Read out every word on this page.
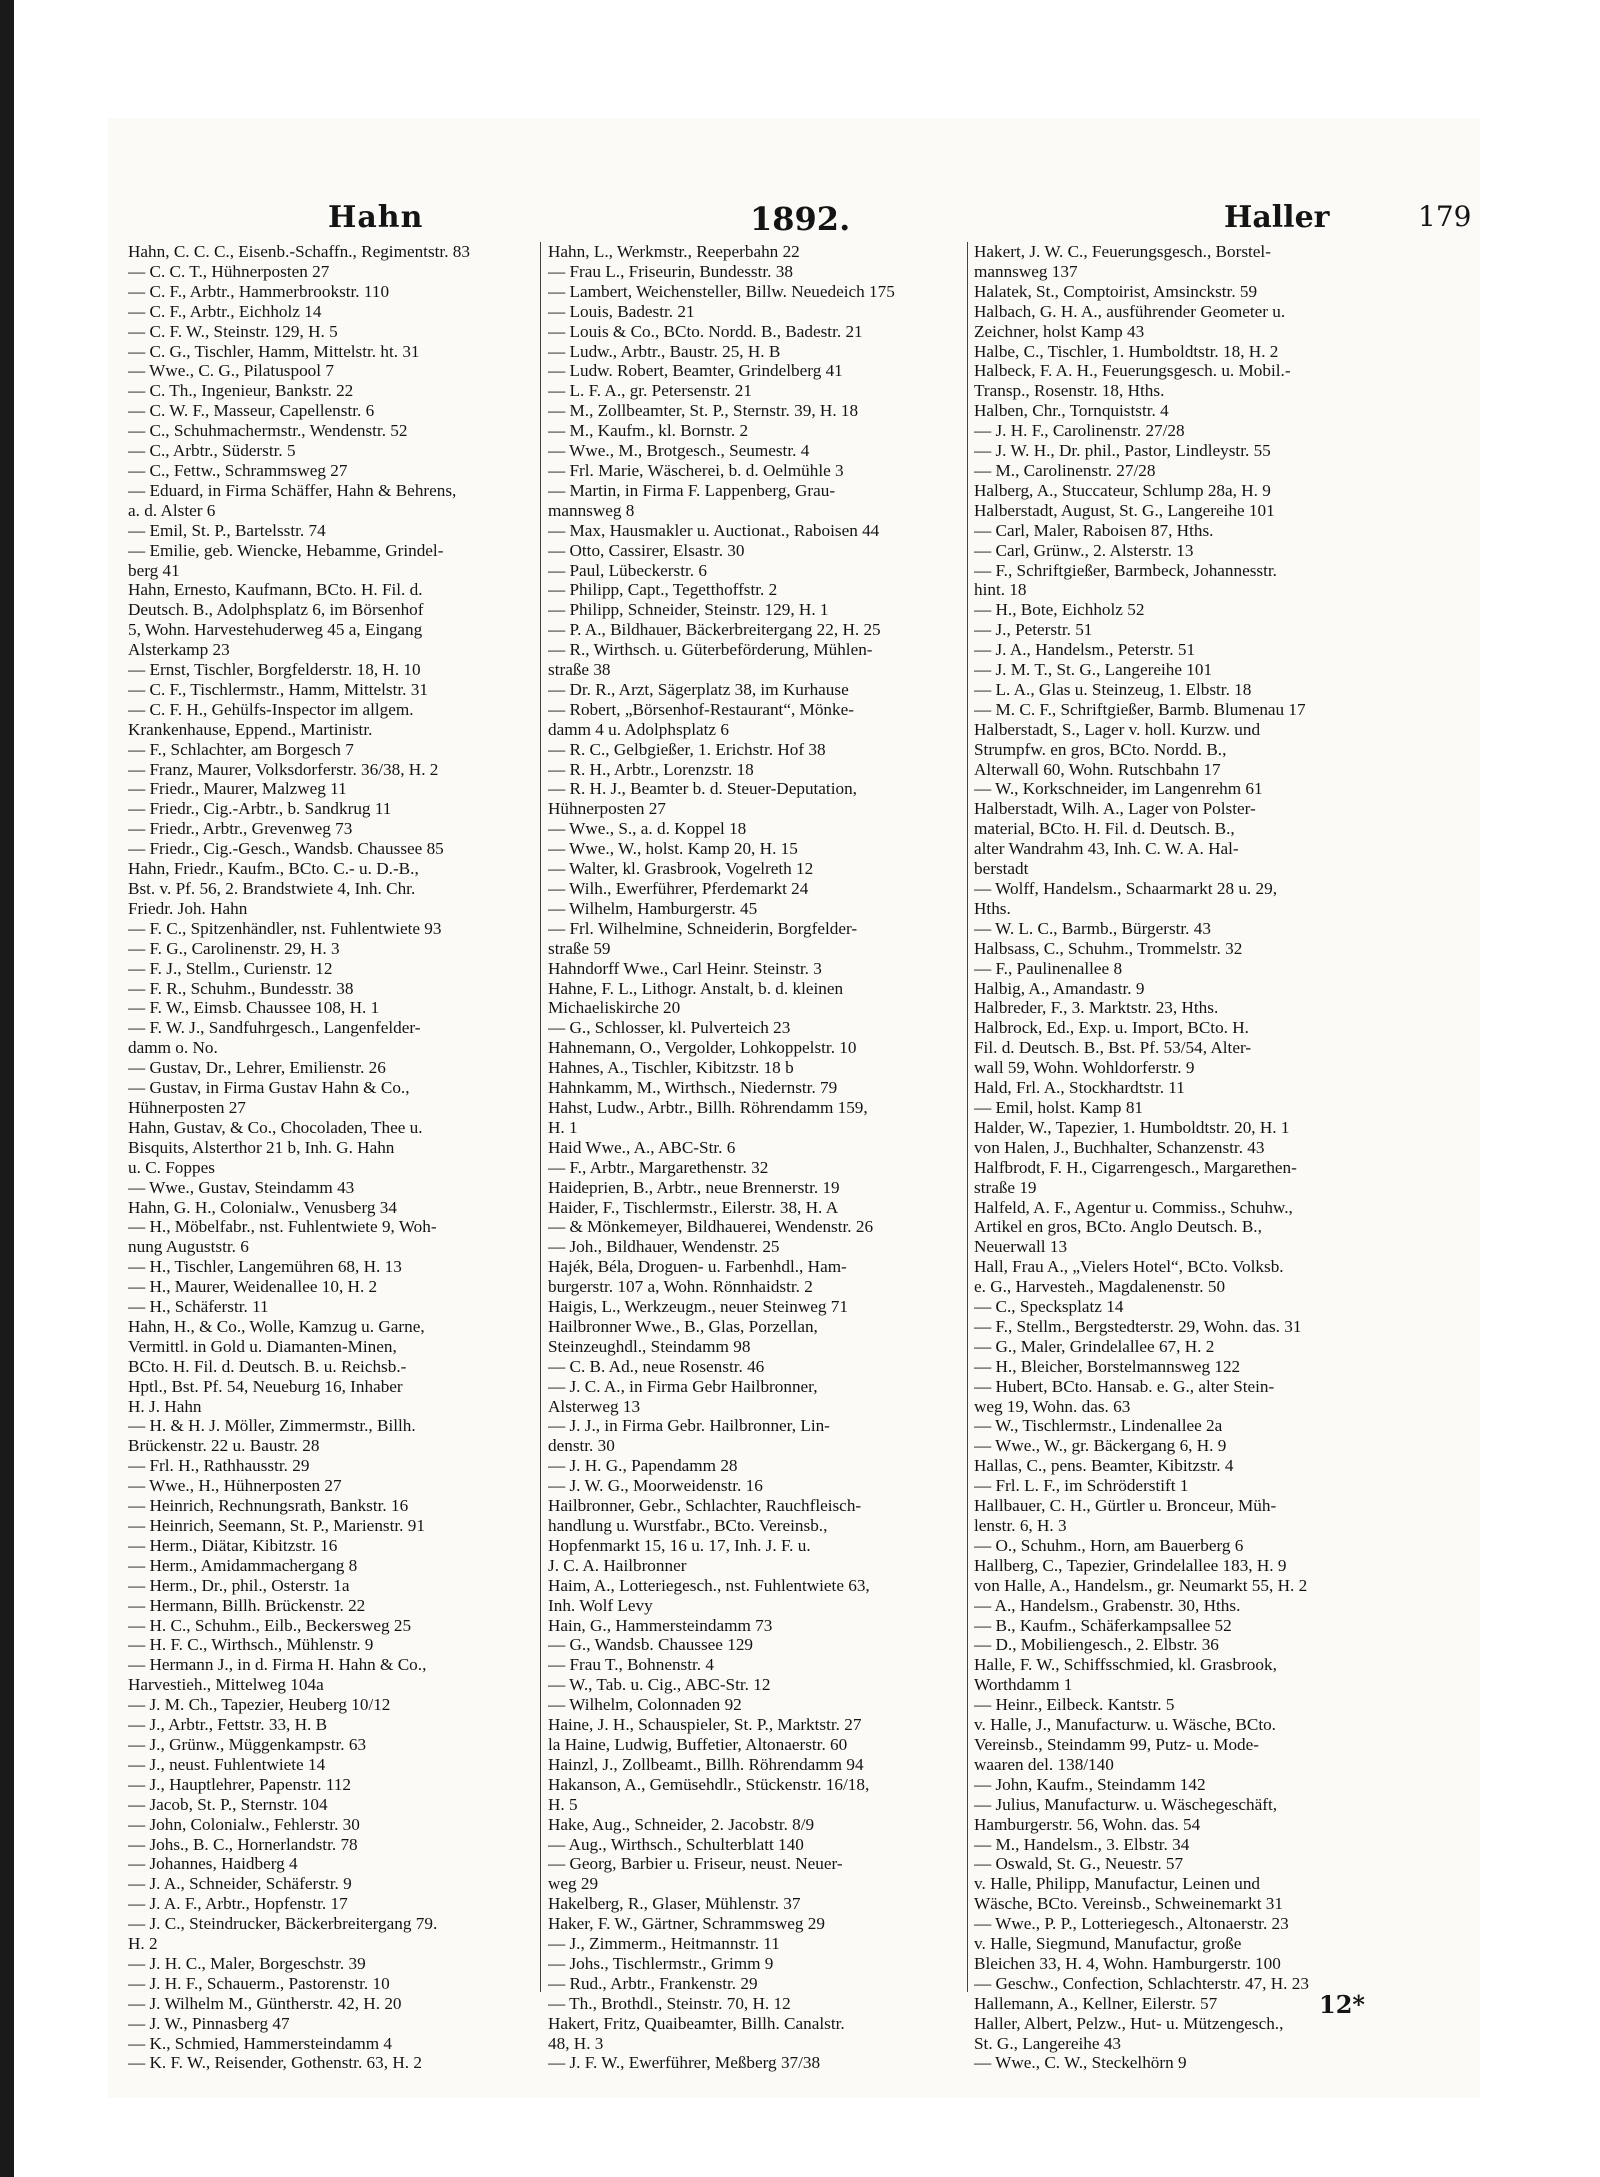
Hahn	1892.	Haller	179
Hahn, C. C. C., Eisenb.-Schaffn., Regimentstr. 83
— C. C. T., Hühnerposten 27
— C. F., Arbtr., Hammerbrookstr. 110
— C. F., Arbtr., Eichholz 14
— C. F. W., Steinstr. 129, H. 5
— C. G., Tischler, Hamm, Mittelstr. ht. 31
— Wwe., C. G., Pilatuspool 7
— C. Th., Ingenieur, Bankstr. 22
— C. W. F., Masseur, Capellenstr. 6
— C., Schuhmachermstr., Wendenstr. 52
— C., Arbtr., Süderstr. 5
— C., Fettw., Schrammsweg 27
— Eduard, in Firma Schäffer, Hahn & Behrens,
a. d. Alster 6
— Emil, St. P., Bartelsstr. 74
— Emilie, geb. Wiencke, Hebamme, Grindel-
berg 41
Hahn, Ernesto, Kaufmann, BCto. H. Fil. d.
Deutsch. B., Adolphsplatz 6, im Börsenhof
5, Wohn. Harvestehuderweg 45 a, Eingang
Alsterkamp 23
— Ernst, Tischler, Borgfelderstr. 18, H. 10
— C. F., Tischlermstr., Hamm, Mittelstr. 31
— C. F. H., Gehülfs-Inspector im allgem.
Krankenhause, Eppend., Martinistr.
— F., Schlachter, am Borgesch 7
— Franz, Maurer, Volksdorferstr. 36/38, H. 2
— Friedr., Maurer, Malzweg 11
— Friedr., Cig.-Arbtr., b. Sandkrug 11
— Friedr., Arbtr., Grevenweg 73
— Friedr., Cig.-Gesch., Wandsb. Chaussee 85
Hahn, Friedr., Kaufm., BCto. C.- u. D.-B.,
Bst. v. Pf. 56, 2. Brandstwiete 4, Inh. Chr.
Friedr. Joh. Hahn
— F. C., Spitzenhändler, nst. Fuhlentwiete 93
— F. G., Carolinenstr. 29, H. 3
— F. J., Stellm., Curienstr. 12
— F. R., Schuhm., Bundesstr. 38
— F. W., Eimsb. Chaussee 108, H. 1
— F. W. J., Sandfuhrgesch., Langenfelder-
damm o. No.
— Gustav, Dr., Lehrer, Emilienstr. 26
— Gustav, in Firma Gustav Hahn & Co.,
Hühnerposten 27
Hahn, Gustav, & Co., Chocoladen, Thee u.
Bisquits, Alsterthor 21 b, Inh. G. Hahn
u. C. Foppes
— Wwe., Gustav, Steindamm 43
Hahn, G. H., Colonialw., Venusberg 34
— H., Möbelfabr., nst. Fuhlentwiete 9, Woh-
nung Auguststr. 6
— H., Tischler, Langemühren 68, H. 13
— H., Maurer, Weidenallee 10, H. 2
— H., Schäferstr. 11
Hahn, H., & Co., Wolle, Kamzug u. Garne,
Vermittl. in Gold u. Diamanten-Minen,
BCto. H. Fil. d. Deutsch. B. u. Reichsb.-
Hptl., Bst. Pf. 54, Neueburg 16, Inhaber
H. J. Hahn
— H. & H. J. Möller, Zimmermstr., Billh.
Brückenstr. 22 u. Baustr. 28
— Frl. H., Rathhausstr. 29
— Wwe., H., Hühnerposten 27
— Heinrich, Rechnungsrath, Bankstr. 16
— Heinrich, Seemann, St. P., Marienstr. 91
— Herm., Diätar, Kibitzstr. 16
— Herm., Amidammachergang 8
— Herm., Dr., phil., Osterstr. 1a
— Hermann, Billh. Brückenstr. 22
— H. C., Schuhm., Eilb., Beckersweg 25
— H. F. C., Wirthsch., Mühlenstr. 9
— Hermann J., in d. Firma H. Hahn & Co.,
Harvestieh., Mittelweg 104a
— J. M. Ch., Tapezier, Heuberg 10/12
— J., Arbtr., Fettstr. 33, H. B
— J., Grünw., Müggenkampstr. 63
— J., neust. Fuhlentwiete 14
— J., Hauptlehrer, Papenstr. 112
— Jacob, St. P., Sternstr. 104
— John, Colonialw., Fehlerstr. 30
— Johs., B. C., Hornerlandstr. 78
— Johannes, Haidberg 4
— J. A., Schneider, Schäferstr. 9
— J. A. F., Arbtr., Hopfenstr. 17
— J. C., Steindrucker, Bäckerbreitergang 79.
H. 2
— J. H. C., Maler, Borgeschstr. 39
— J. H. F., Schauerm., Pastorenstr. 10
— J. Wilhelm M., Güntherstr. 42, H. 20
— J. W., Pinnasberg 47
— K., Schmied, Hammersteindamm 4
— K. F. W., Reisender, Gothenstr. 63, H. 2
Hahn, L., Werkmstr., Reeperbahn 22
— Frau L., Friseurin, Bundesstr. 38
— Lambert, Weichensteller, Billw. Neuedeich 175
— Louis, Badestr. 21
— Louis & Co., BCto. Nordd. B., Badestr. 21
— Ludw., Arbtr., Baustr. 25, H. B
— Ludw. Robert, Beamter, Grindelberg 41
— L. F. A., gr. Petersenstr. 21
— M., Zollbeamter, St. P., Sternstr. 39, H. 18
— M., Kaufm., kl. Bornstr. 2
— Wwe., M., Brotgesch., Seumestr. 4
— Frl. Marie, Wäscherei, b. d. Oelmühle 3
— Martin, in Firma F. Lappenberg, Grau-
mannsweg 8
— Max, Hausmakler u. Auctionat., Raboisen 44
— Otto, Cassirer, Elsastr. 30
— Paul, Lübeckerstr. 6
— Philipp, Capt., Tegetthoffstr. 2
— Philipp, Schneider, Steinstr. 129, H. 1
— P. A., Bildhauer, Bäckerbreitergang 22, H. 25
— R., Wirthsch. u. Güterbeförderung, Mühlen-
straße 38
— Dr. R., Arzt, Sägerplatz 38, im Kurhause
— Robert, „Börsenhof-Restaurant“, Mönke-
damm 4 u. Adolphsplatz 6
— R. C., Gelbgießer, 1. Erichstr. Hof 38
— R. H., Arbtr., Lorenzstr. 18
— R. H. J., Beamter b. d. Steuer-Deputation,
Hühnerposten 27
— Wwe., S., a. d. Koppel 18
— Wwe., W., holst. Kamp 20, H. 15
— Walter, kl. Grasbrook, Vogelreth 12
— Wilh., Ewerführer, Pferdemarkt 24
— Wilhelm, Hamburgerstr. 45
— Frl. Wilhelmine, Schneiderin, Borgfelder-
straße 59
Hahndorff Wwe., Carl Heinr. Steinstr. 3
Hahne, F. L., Lithogr. Anstalt, b. d. kleinen
Michaeliskirche 20
— G., Schlosser, kl. Pulverteich 23
Hahnemann, O., Vergolder, Lohkoppelstr. 10
Hahnes, A., Tischler, Kibitzstr. 18 b
Hahnkamm, M., Wirthsch., Niedernstr. 79
Hahst, Ludw., Arbtr., Billh. Röhrendamm 159,
H. 1
Haid Wwe., A., ABC-Str. 6
— F., Arbtr., Margarethenstr. 32
Haideprien, B., Arbtr., neue Brennerstr. 19
Haider, F., Tischlermstr., Eilerstr. 38, H. A
— & Mönkemeyer, Bildhauerei, Wendenstr. 26
— Joh., Bildhauer, Wendenstr. 25
Hajék, Béla, Droguen- u. Farbenhdl., Ham-
burgerstr. 107 a, Wohn. Rönnhaidstr. 2
Haigis, L., Werkzeugm., neuer Steinweg 71
Hailbronner Wwe., B., Glas, Porzellan,
Steinzeughdl., Steindamm 98
— C. B. Ad., neue Rosenstr. 46
— J. C. A., in Firma Gebr Hailbronner,
Alsterweg 13
— J. J., in Firma Gebr. Hailbronner, Lin-
denstr. 30
— J. H. G., Papendamm 28
— J. W. G., Moorweidenstr. 16
Hailbronner, Gebr., Schlachter, Rauchfleisch-
handlung u. Wurstfabr., BCto. Vereinsb.,
Hopfenmarkt 15, 16 u. 17, Inh. J. F. u.
J. C. A. Hailbronner
Haim, A., Lotteriegesch., nst. Fuhlentwiete 63,
Inh. Wolf Levy
Hain, G., Hammersteindamm 73
— G., Wandsb. Chaussee 129
— Frau T., Bohnenstr. 4
— W., Tab. u. Cig., ABC-Str. 12
— Wilhelm, Colonnaden 92
Haine, J. H., Schauspieler, St. P., Marktstr. 27
la Haine, Ludwig, Buffetier, Altonaerstr. 60
Hainzl, J., Zollbeamt., Billh. Röhrendamm 94
Hakanson, A., Gemüsehdlr., Stückenstr. 16/18,
H. 5
Hake, Aug., Schneider, 2. Jacobstr. 8/9
— Aug., Wirthsch., Schulterblatt 140
— Georg, Barbier u. Friseur, neust. Neuer-
weg 29
Hakelberg, R., Glaser, Mühlenstr. 37
Haker, F. W., Gärtner, Schrammsweg 29
— J., Zimmerm., Heitmannstr. 11
— Johs., Tischlermstr., Grimm 9
— Rud., Arbtr., Frankenstr. 29
— Th., Brothdl., Steinstr. 70, H. 12
Hakert, Fritz, Quaibeamter, Billh. Canalstr.
48, H. 3
— J. F. W., Ewerführer, Meßberg 37/38
Hakert, J. W. C., Feuerungsgesch., Borstel-
mannsweg 137
Halatek, St., Comptoirist, Amsinckstr. 59
Halbach, G. H. A., ausführender Geometer u.
Zeichner, holst Kamp 43
Halbe, C., Tischler, 1. Humboldtstr. 18, H. 2
Halbeck, F. A. H., Feuerungsgesch. u. Mobil.-
Transp., Rosenstr. 18, Hths.
Halben, Chr., Tornquiststr. 4
— J. H. F., Carolinenstr. 27/28
— J. W. H., Dr. phil., Pastor, Lindleystr. 55
— M., Carolinenstr. 27/28
Halberg, A., Stuccateur, Schlump 28a, H. 9
Halberstadt, August, St. G., Langereihe 101
— Carl, Maler, Raboisen 87, Hths.
— Carl, Grünw., 2. Alsterstr. 13
— F., Schriftgießer, Barmbeck, Johannesstr.
hint. 18
— H., Bote, Eichholz 52
— J., Peterstr. 51
— J. A., Handelsm., Peterstr. 51
— J. M. T., St. G., Langereihe 101
— L. A., Glas u. Steinzeug, 1. Elbstr. 18
— M. C. F., Schriftgießer, Barmb. Blumenau 17
Halberstadt, S., Lager v. holl. Kurzw. und
Strumpfw. en gros, BCto. Nordd. B.,
Alterwall 60, Wohn. Rutschbahn 17
— W., Korkschneider, im Langenrehm 61
Halberstadt, Wilh. A., Lager von Polster-
material, BCto. H. Fil. d. Deutsch. B.,
alter Wandrahm 43, Inh. C. W. A. Hal-
berstadt
— Wolff, Handelsm., Schaarmarkt 28 u. 29,
Hths.
— W. L. C., Barmb., Bürgerstr. 43
Halbsass, C., Schuhm., Trommelstr. 32
— F., Paulinenallee 8
Halbig, A., Amandastr. 9
Halbreder, F., 3. Marktstr. 23, Hths.
Halbrock, Ed., Exp. u. Import, BCto. H.
Fil. d. Deutsch. B., Bst. Pf. 53/54, Alter-
wall 59, Wohn. Wohldorferstr. 9
Hald, Frl. A., Stockhardtstr. 11
— Emil, holst. Kamp 81
Halder, W., Tapezier, 1. Humboldtstr. 20, H. 1
von Halen, J., Buchhalter, Schanzenstr. 43
Halfbrodt, F. H., Cigarrengesch., Margarethen-
straße 19
Halfeld, A. F., Agentur u. Commiss., Schuhw.,
Artikel en gros, BCto. Anglo Deutsch. B.,
Neuerwall 13
Hall, Frau A., „Vielers Hotel“, BCto. Volksb.
e. G., Harvesteh., Magdalenenstr. 50
— C., Specksplatz 14
— F., Stellm., Bergstedterstr. 29, Wohn. das. 31
— G., Maler, Grindelallee 67, H. 2
— H., Bleicher, Borstelmannsweg 122
— Hubert, BCto. Hansab. e. G., alter Stein-
weg 19, Wohn. das. 63
— W., Tischlermstr., Lindenallee 2a
— Wwe., W., gr. Bäckergang 6, H. 9
Hallas, C., pens. Beamter, Kibitzstr. 4
— Frl. L. F., im Schröderstift 1
Hallbauer, C. H., Gürtler u. Bronceur, Müh-
lenstr. 6, H. 3
— O., Schuhm., Horn, am Bauerberg 6
Hallberg, C., Tapezier, Grindelallee 183, H. 9
von Halle, A., Handelsm., gr. Neumarkt 55, H. 2
— A., Handelsm., Grabenstr. 30, Hths.
— B., Kaufm., Schäferkampsallee 52
— D., Mobiliengesch., 2. Elbstr. 36
Halle, F. W., Schiffsschmied, kl. Grasbrook,
Worthdamm 1
— Heinr., Eilbeck. Kantstr. 5
v. Halle, J., Manufacturw. u. Wäsche, BCto.
Vereinsb., Steindamm 99, Putz- u. Mode-
waaren del. 138/140
— John, Kaufm., Steindamm 142
— Julius, Manufacturw. u. Wäschegeschäft,
Hamburgerstr. 56, Wohn. das. 54
— M., Handelsm., 3. Elbstr. 34
— Oswald, St. G., Neuestr. 57
v. Halle, Philipp, Manufactur, Leinen und
Wäsche, BCto. Vereinsb., Schweinemarkt 31
— Wwe., P. P., Lotteriegesch., Altonaerstr. 23
v. Halle, Siegmund, Manufactur, große
Bleichen 33, H. 4, Wohn. Hamburgerstr. 100
— Geschw., Confection, Schlachterstr. 47, H. 23
Hallemann, A., Kellner, Eilerstr. 57
Haller, Albert, Pelzw., Hut- u. Mützengesch.,
St. G., Langereihe 43
— Wwe., C. W., Steckelhörn 9
12*
